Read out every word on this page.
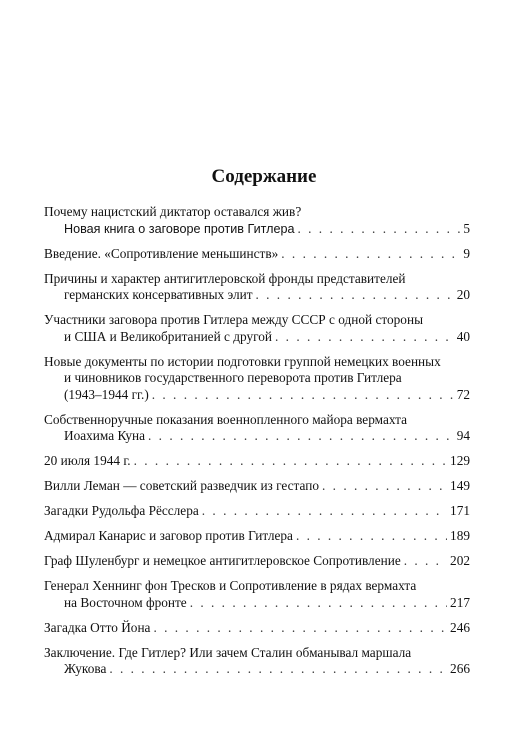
Содержание
Почему нацистский диктатор оставался жив?
Новая книга о заговоре против Гитлера . . .	5
Введение. «Сопротивление меньшинств» . . .	9
Причины и характер антигитлеровской фронды представителей
германских консервативных элит . . .	20
Участники заговора против Гитлера между СССР с одной стороны
и США и Великобританией с другой . . .	40
Новые документы по истории подготовки группой немецких военных
и чиновников государственного переворота против Гитлера
(1943–1944 гг.) . . .	72
Собственноручные показания военнопленного майора вермахта
Иоахима Куна . . .	94
20 июля 1944 г. . . .	129
Вилли Леман — советский разведчик из гестапо . . .	149
Загадки Рудольфа Рёсслера . . .	171
Адмирал Канарис и заговор против Гитлера . . .	189
Граф Шуленбург и немецкое антигитлеровское Сопротивление . . .	202
Генерал Хеннинг фон Тресков и Сопротивление в рядах вермахта
на Восточном фронте . . .	217
Загадка Отто Йона . . .	246
Заключение. Где Гитлер? Или зачем Сталин обманывал маршала
Жукова . . .	266
